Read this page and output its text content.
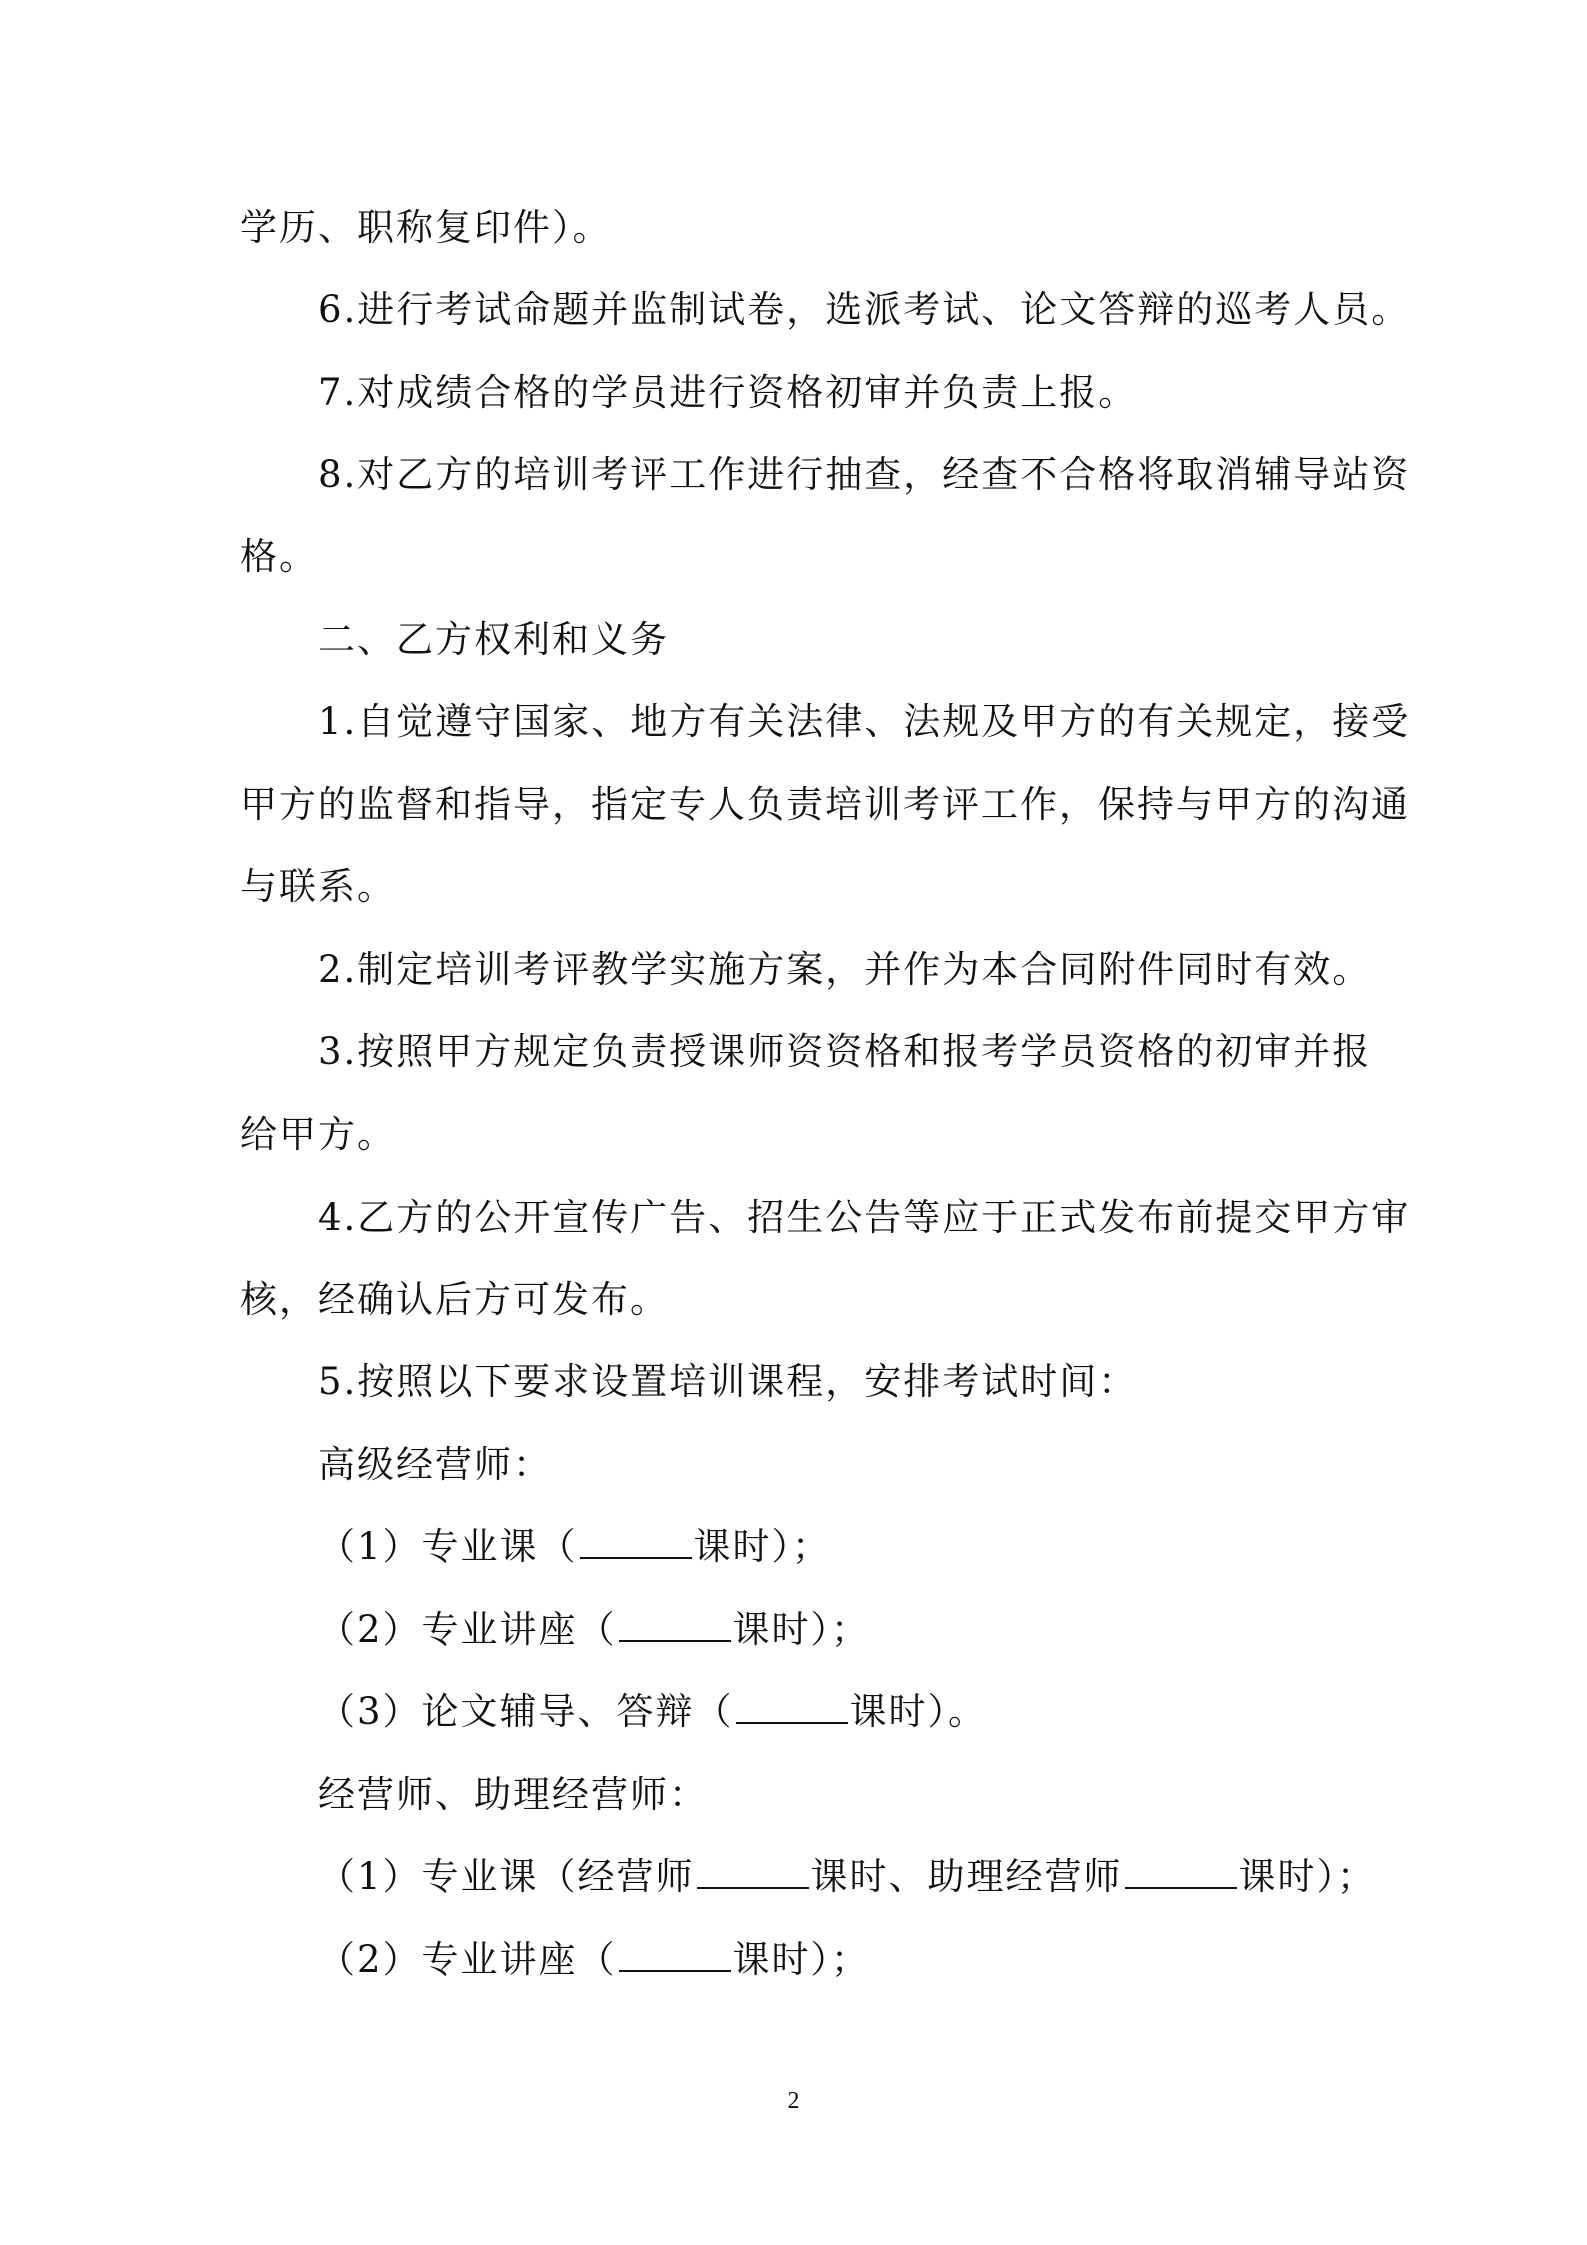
学历、职称复印件）。
6.进行考试命题并监制试卷，选派考试、论文答辩的巡考人员。
7.对成绩合格的学员进行资格初审并负责上报。
8.对乙方的培训考评工作进行抽查，经查不合格将取消辅导站资
格。
二、乙方权利和义务
1.自觉遵守国家、地方有关法律、法规及甲方的有关规定，接受
甲方的监督和指导，指定专人负责培训考评工作，保持与甲方的沟通
与联系。
2.制定培训考评教学实施方案，并作为本合同附件同时有效。
3.按照甲方规定负责授课师资资格和报考学员资格的初审并报
给甲方。
4.乙方的公开宣传广告、招生公告等应于正式发布前提交甲方审
核，经确认后方可发布。
5.按照以下要求设置培训课程，安排考试时间：
高级经营师：
（1）专业课（	课时）；
（2）专业讲座（	课时）；
（3）论文辅导、答辩（	课时）。
经营师、助理经营师：
（1）专业课（经营师	课时、助理经营师	课时）；
（2）专业讲座（	课时）；
2
